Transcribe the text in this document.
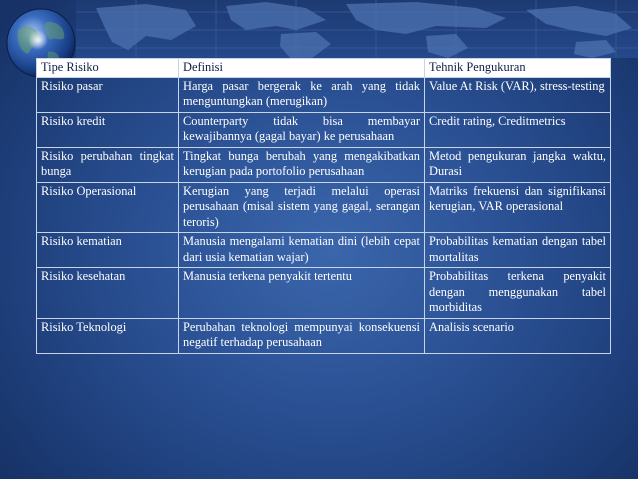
Tipe Risiko	Definisi	Tehnik Pengukuran
Risiko pasar	Harga pasar bergerak ke arah yang tidak menguntungkan (merugikan)	Value At Risk (VAR), stress-testing
Risiko kredit	Counterparty tidak bisa membayar kewajibannya (gagal bayar) ke perusahaan	Credit rating, Creditmetrics
Risiko perubahan tingkat bunga	Tingkat bunga berubah yang mengakibatkan kerugian pada portofolio perusahaan	Metod pengukuran jangka waktu, Durasi
Risiko Operasional	Kerugian yang terjadi melalui operasi perusahaan (misal sistem yang gagal, serangan teroris)	Matriks frekuensi dan signifikansi kerugian, VAR operasional
Risiko kematian	Manusia mengalami kematian dini (lebih cepat dari usia kematian wajar)	Probabilitas kematian dengan tabel mortalitas
Risiko kesehatan	Manusia terkena penyakit tertentu	Probabilitas terkena penyakit dengan menggunakan tabel morbiditas
Risiko Teknologi	Perubahan teknologi mempunyai konsekuensi negatif terhadap perusahaan	Analisis scenario
